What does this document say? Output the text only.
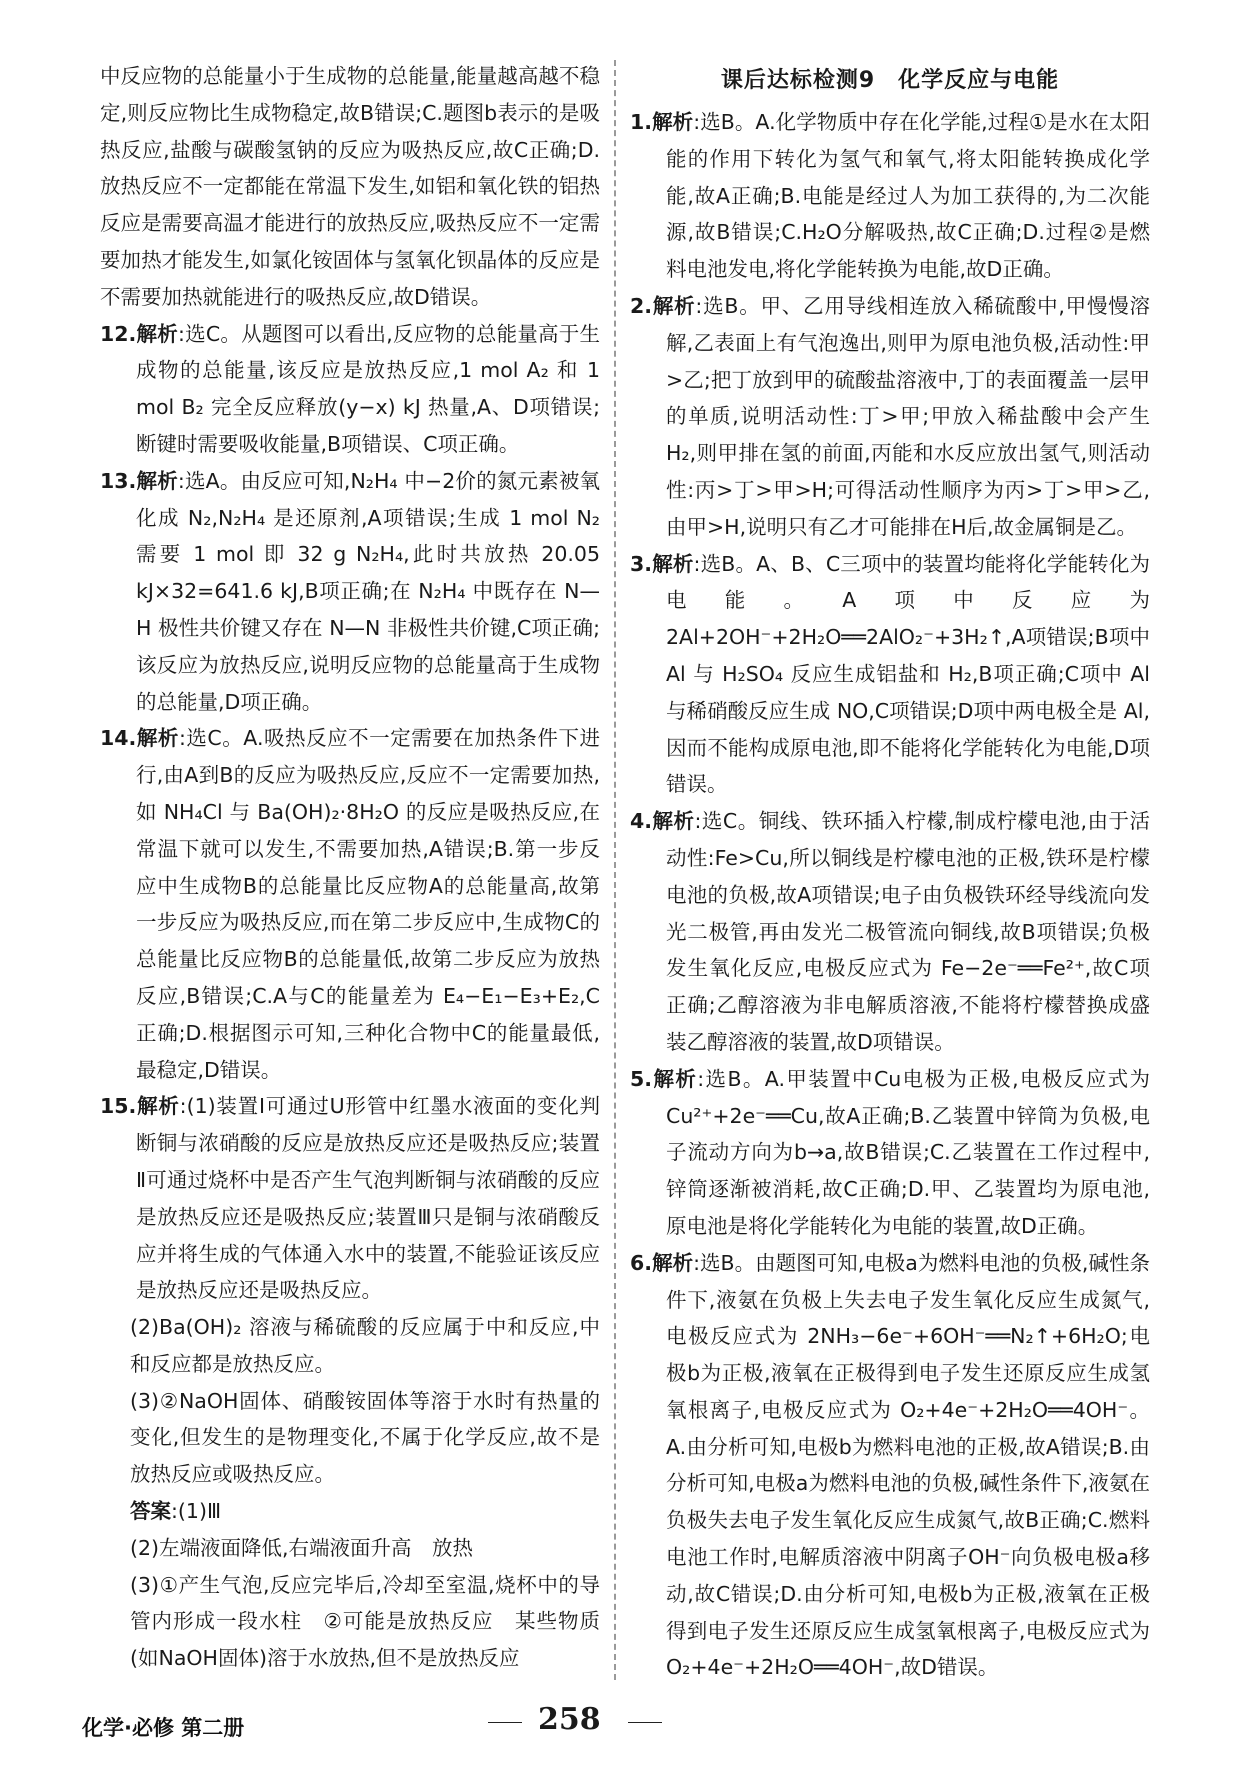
中反应物的总能量小于生成物的总能量,能量越高越不稳定,则反应物比生成物稳定,故B错误;C.题图b表示的是吸热反应,盐酸与碳酸氢钠的反应为吸热反应,故C正确;D.放热反应不一定都能在常温下发生,如铝和氧化铁的铝热反应是需要高温才能进行的放热反应,吸热反应不一定需要加热才能发生,如氯化铵固体与氢氧化钡晶体的反应是不需要加热就能进行的吸热反应,故D错误。

12.解析:选C。从题图可以看出,反应物的总能量高于生成物的总能量,该反应是放热反应,1 mol A₂ 和 1 mol B₂ 完全反应释放(y−x) kJ 热量,A、D项错误;断键时需要吸收能量,B项错误、C项正确。

13.解析:选A。由反应可知,N₂H₄ 中−2价的氮元素被氧化成 N₂,N₂H₄ 是还原剂,A项错误;生成 1 mol N₂ 需要 1 mol 即 32 g N₂H₄,此时共放热 20.05 kJ×32=641.6 kJ,B项正确;在 N₂H₄ 中既存在 N—H 极性共价键又存在 N—N 非极性共价键,C项正确;该反应为放热反应,说明反应物的总能量高于生成物的总能量,D项正确。

14.解析:选C。A.吸热反应不一定需要在加热条件下进行,由A到B的反应为吸热反应,反应不一定需要加热,如 NH₄Cl 与 Ba(OH)₂·8H₂O 的反应是吸热反应,在常温下就可以发生,不需要加热,A错误;B.第一步反应中生成物B的总能量比反应物A的总能量高,故第一步反应为吸热反应,而在第二步反应中,生成物C的总能量比反应物B的总能量低,故第二步反应为放热反应,B错误;C.A与C的能量差为 E₄−E₁−E₃+E₂,C正确;D.根据图示可知,三种化合物中C的能量最低,最稳定,D错误。

15.解析:(1)装置Ⅰ可通过U形管中红墨水液面的变化判断铜与浓硝酸的反应是放热反应还是吸热反应;装置Ⅱ可通过烧杯中是否产生气泡判断铜与浓硝酸的反应是放热反应还是吸热反应;装置Ⅲ只是铜与浓硝酸反应并将生成的气体通入水中的装置,不能验证该反应是放热反应还是吸热反应。

(2)Ba(OH)₂ 溶液与稀硫酸的反应属于中和反应,中和反应都是放热反应。

(3)②NaOH固体、硝酸铵固体等溶于水时有热量的变化,但发生的是物理变化,不属于化学反应,故不是放热反应或吸热反应。

答案:(1)Ⅲ

(2)左端液面降低,右端液面升高　放热

(3)①产生气泡,反应完毕后,冷却至室温,烧杯中的导管内形成一段水柱　②可能是放热反应　某些物质(如NaOH固体)溶于水放热,但不是放热反应

课后达标检测9　化学反应与电能

1.解析:选B。A.化学物质中存在化学能,过程①是水在太阳能的作用下转化为氢气和氧气,将太阳能转换成化学能,故A正确;B.电能是经过人为加工获得的,为二次能源,故B错误;C.H₂O分解吸热,故C正确;D.过程②是燃料电池发电,将化学能转换为电能,故D正确。

2.解析:选B。甲、乙用导线相连放入稀硫酸中,甲慢慢溶解,乙表面上有气泡逸出,则甲为原电池负极,活动性:甲>乙;把丁放到甲的硫酸盐溶液中,丁的表面覆盖一层甲的单质,说明活动性:丁>甲;甲放入稀盐酸中会产生 H₂,则甲排在氢的前面,丙能和水反应放出氢气,则活动性:丙>丁>甲>H;可得活动性顺序为丙>丁>甲>乙,由甲>H,说明只有乙才可能排在H后,故金属铜是乙。

3.解析:选B。A、B、C三项中的装置均能将化学能转化为电能。A项中反应为 2Al+2OH⁻+2H₂O══2AlO₂⁻+3H₂↑,A项错误;B项中 Al 与 H₂SO₄ 反应生成铝盐和 H₂,B项正确;C项中 Al 与稀硝酸反应生成 NO,C项错误;D项中两电极全是 Al,因而不能构成原电池,即不能将化学能转化为电能,D项错误。

4.解析:选C。铜线、铁环插入柠檬,制成柠檬电池,由于活动性:Fe>Cu,所以铜线是柠檬电池的正极,铁环是柠檬电池的负极,故A项错误;电子由负极铁环经导线流向发光二极管,再由发光二极管流向铜线,故B项错误;负极发生氧化反应,电极反应式为 Fe−2e⁻══Fe²⁺,故C项正确;乙醇溶液为非电解质溶液,不能将柠檬替换成盛装乙醇溶液的装置,故D项错误。

5.解析:选B。A.甲装置中Cu电极为正极,电极反应式为 Cu²⁺+2e⁻══Cu,故A正确;B.乙装置中锌筒为负极,电子流动方向为b→a,故B错误;C.乙装置在工作过程中,锌筒逐渐被消耗,故C正确;D.甲、乙装置均为原电池,原电池是将化学能转化为电能的装置,故D正确。

6.解析:选B。由题图可知,电极a为燃料电池的负极,碱性条件下,液氨在负极上失去电子发生氧化反应生成氮气,电极反应式为 2NH₃−6e⁻+6OH⁻══N₂↑+6H₂O;电极b为正极,液氧在正极得到电子发生还原反应生成氢氧根离子,电极反应式为 O₂+4e⁻+2H₂O══4OH⁻。A.由分析可知,电极b为燃料电池的正极,故A错误;B.由分析可知,电极a为燃料电池的负极,碱性条件下,液氨在负极失去电子发生氧化反应生成氮气,故B正确;C.燃料电池工作时,电解质溶液中阴离子OH⁻向负极电极a移动,故C错误;D.由分析可知,电极b为正极,液氧在正极得到电子发生还原反应生成氢氧根离子,电极反应式为 O₂+4e⁻+2H₂O══4OH⁻,故D错误。

化学·必修 第二册	258
